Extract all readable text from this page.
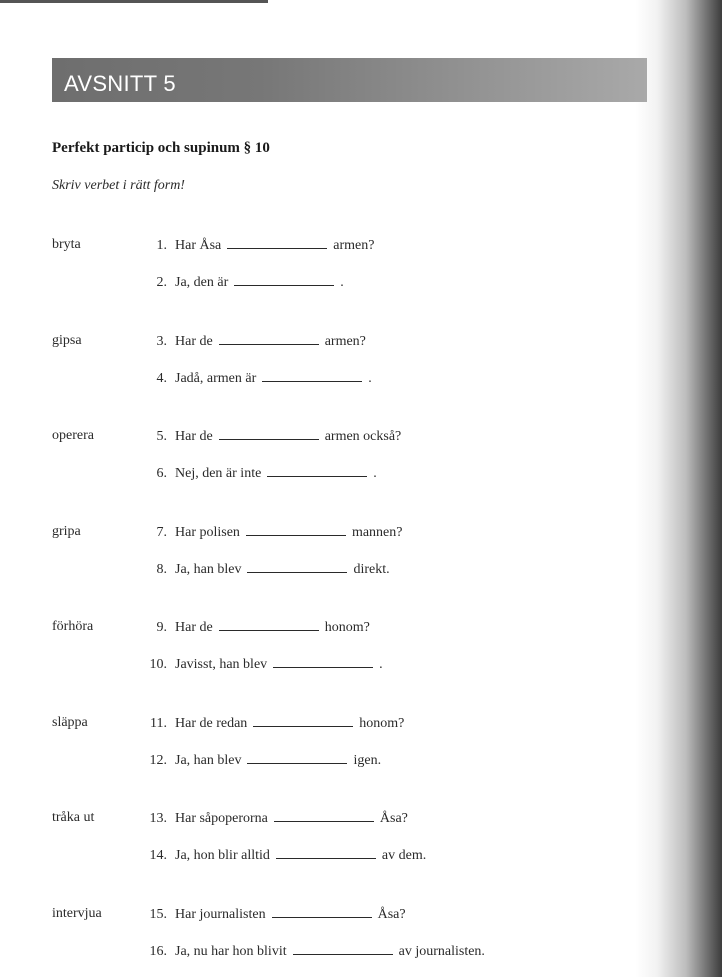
AVSNITT 5
Perfekt particip och supinum § 10
Skriv verbet i rätt form!
bryta	1. Har Åsa	armen?
2. Ja, den är	.
gipsa	3. Har de	armen?
4. Jadå, armen är	.
operera	5. Har de	armen också?
6. Nej, den är inte	.
gripa	7. Har polisen	mannen?
8. Ja, han blev	direkt.
förhöra	9. Har de	honom?
10. Javisst, han blev	.
släppa	11. Har de redan	honom?
12. Ja, han blev	igen.
tråka ut	13. Har såpoperorna	Åsa?
14. Ja, hon blir alltid	av dem.
intervjua	15. Har journalisten	Åsa?
16. Ja, nu har hon blivit	av journalisten.
